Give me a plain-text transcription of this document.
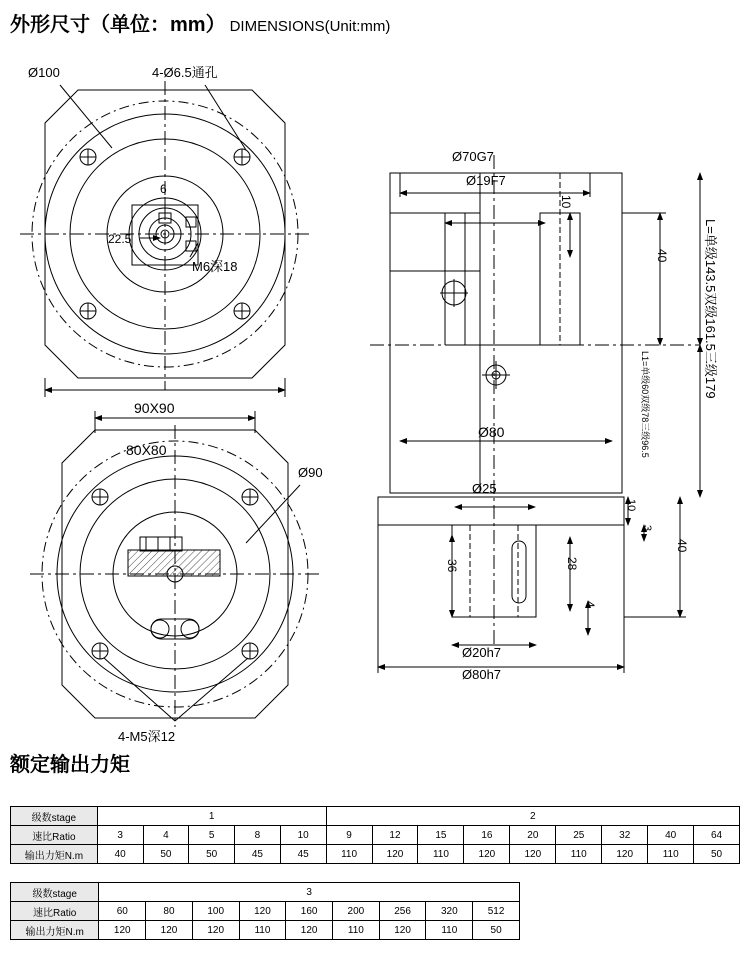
外形尺寸（单位：mm） DIMENSIONS(Unit:mm)
Ø100	4-Ø6.5通孔
6
22.5
M6深18
90X90
80X80
Ø90
4-M5深12
Ø70G7
Ø19F7
10
40
Ø80
Ø25
10
3
40
36	28
4
Ø20h7
Ø80h7
L=单级143.5双级161.5三级179
L1=单级60双级78三级96.5
额定输出力矩
级数stage	1					2								
速比Ratio	3	4	5	8	10	9	12	15	16	20	25	32	40	64
输出力矩N.m	40	50	50	45	45	110	120	110	120	120	110	120	110	50
级数stage	3								
速比Ratio	60	80	100	120	160	200	256	320	512
输出力矩N.m	120	120	120	110	120	110	120	110	50
